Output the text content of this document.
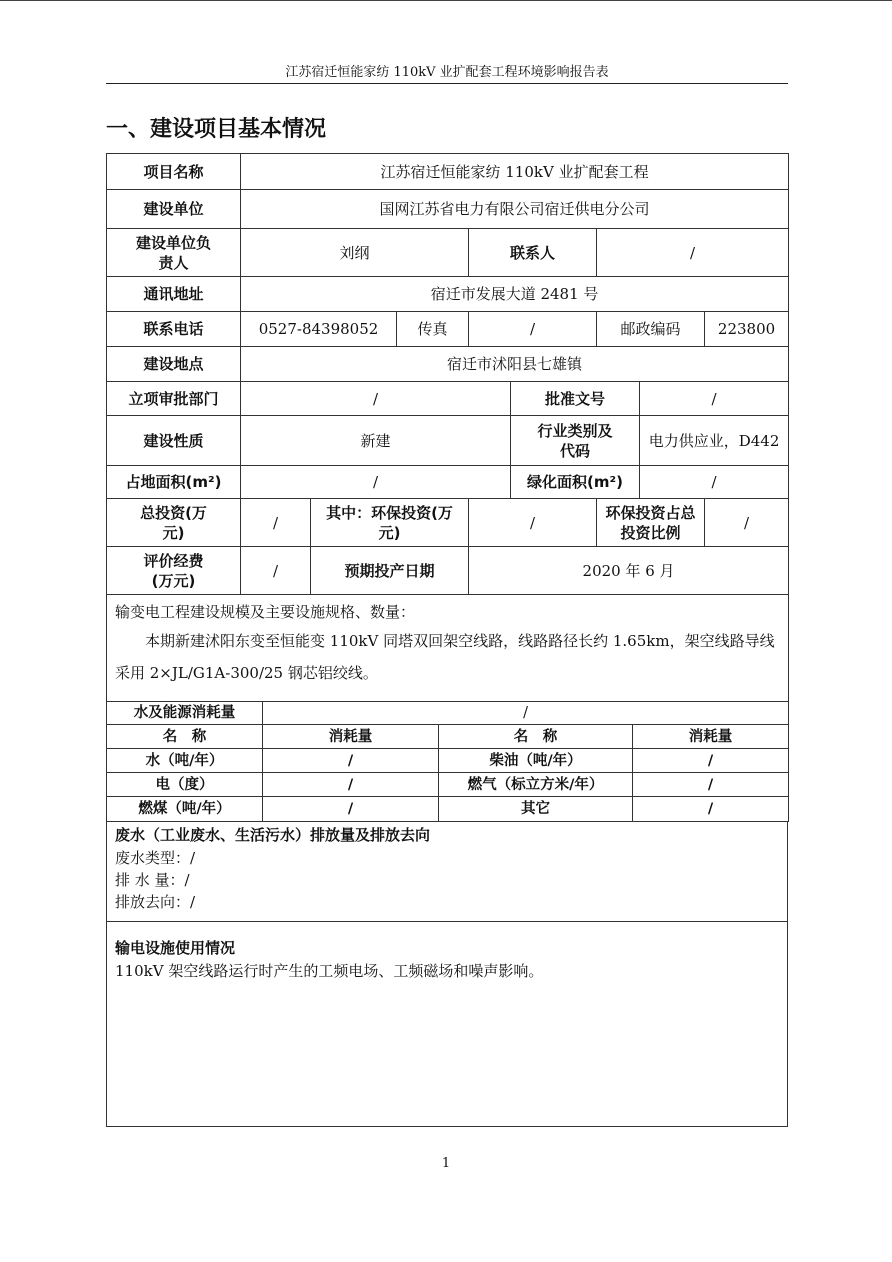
江苏宿迁恒能家纺 110kV 业扩配套工程环境影响报告表
一、建设项目基本情况
项目名称	江苏宿迁恒能家纺 110kV 业扩配套工程							
建设单位	国网江苏省电力有限公司宿迁供电分公司							
建设单位负责人	刘纲			联系人		/		
通讯地址	宿迁市发展大道 2481 号							
联系电话	0527-84398052		传真	/		邮政编码		223800
建设地点	宿迁市沭阳县七雄镇							
立项审批部门	/				批准文号		/	
建设性质	新建				行业类别及代码		电力供应业，D442	
占地面积(m²)	/				绿化面积(m²)		/	
总投资(万元)	/	其中：环保投资(万元)		/		环保投资占总投资比例		/
评价经费(万元)	/	预期投产日期		2020 年 6 月				

输变电工程建设规模及主要设施规格、数量：
本期新建沭阳东变至恒能变 110kV 同塔双回架空线路，线路路径长约 1.65km，架空线路导线采用 2×JL/G1A-300/25 钢芯铝绞线。								
水及能源消耗量	/		
名　称	消耗量	名　称	消耗量
水（吨/年）	/	柴油（吨/年）	/
电（度）	/	燃气（标立方米/年）	/
燃煤（吨/年）	/	其它	/
废水（工业废水、生活污水）排放量及排放去向
废水类型：/
排 水 量：/
排放去向：/
输电设施使用情况
110kV 架空线路运行时产生的工频电场、工频磁场和噪声影响。
1
